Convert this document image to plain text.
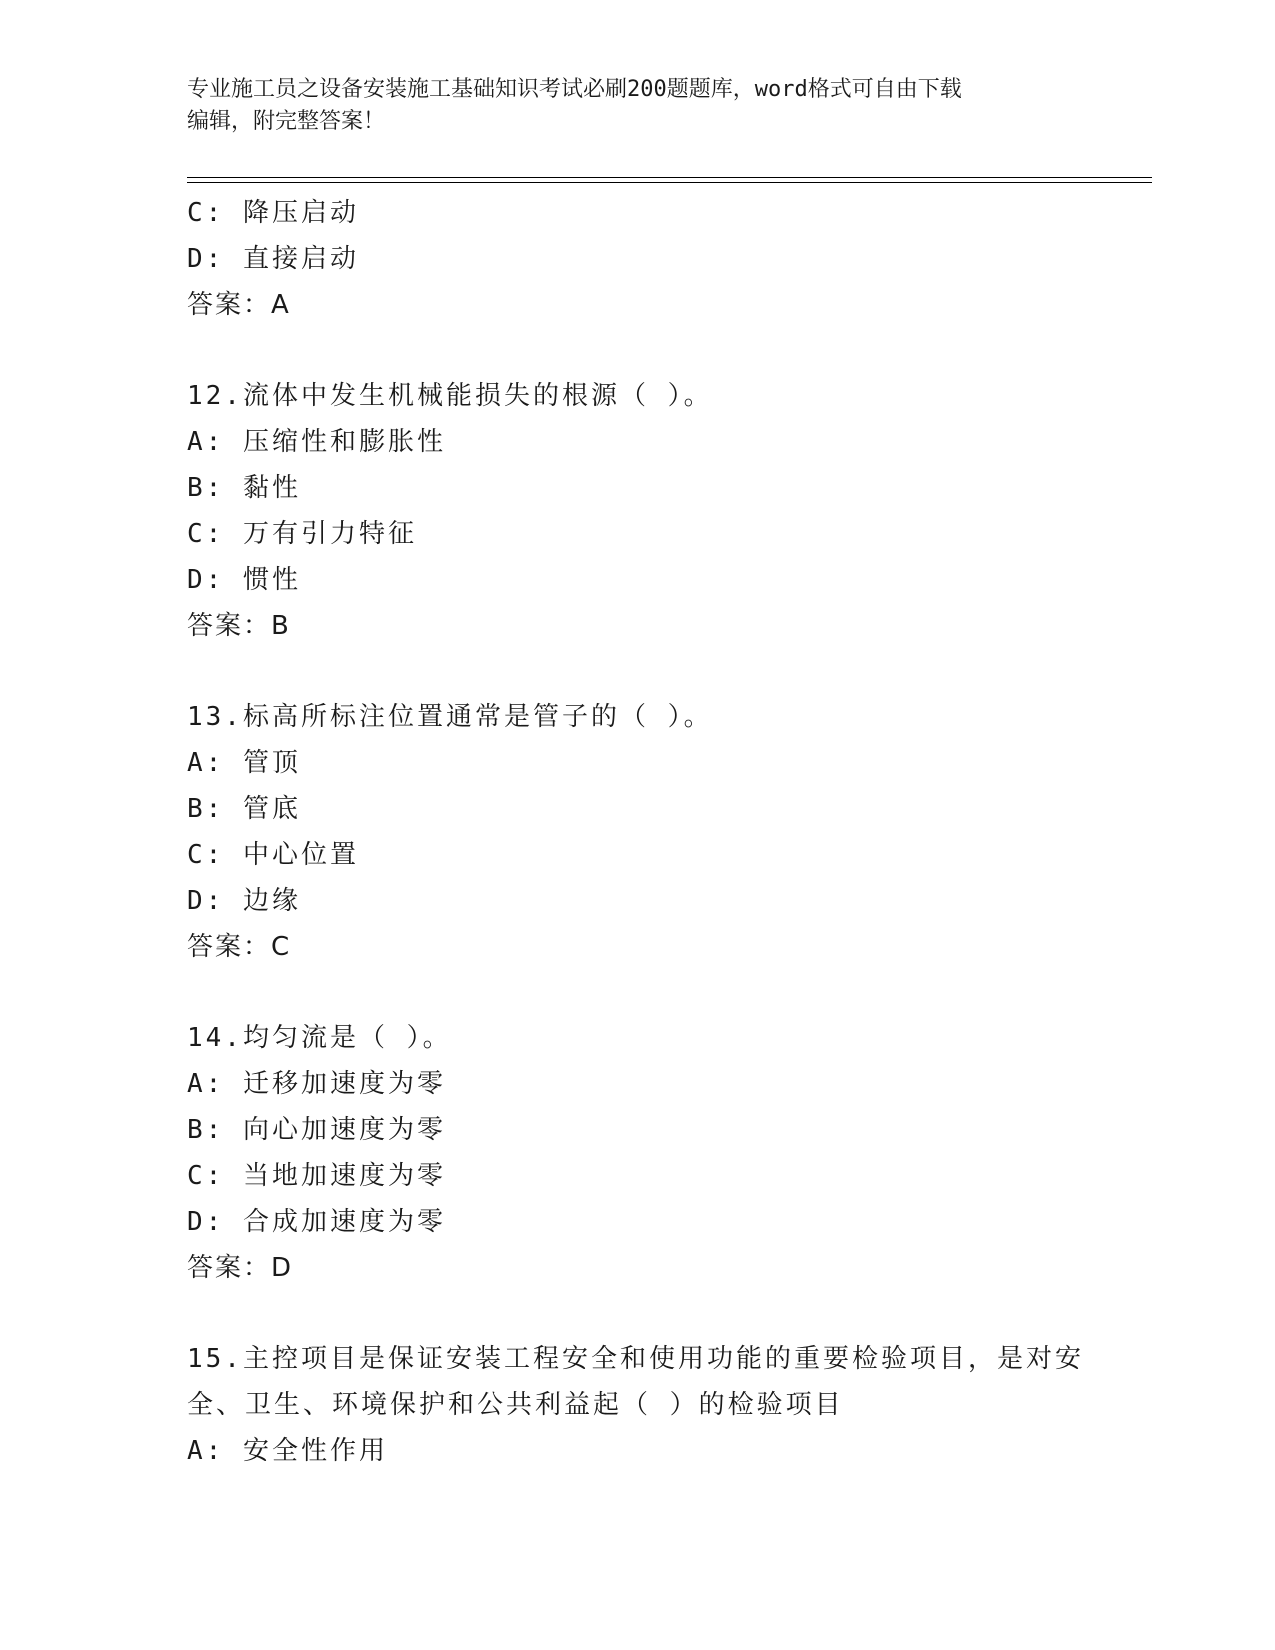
专业施工员之设备安装施工基础知识考试必刷200题题库，word格式可自由下载
编辑，附完整答案！
C: 降压启动
D: 直接启动
答案：A
12.流体中发生机械能损失的根源（ ）。
A: 压缩性和膨胀性
B: 黏性
C: 万有引力特征
D: 惯性
答案：B
13.标高所标注位置通常是管子的（ ）。
A: 管顶
B: 管底
C: 中心位置
D: 边缘
答案：C
14.均匀流是（ ）。
A: 迁移加速度为零
B: 向心加速度为零
C: 当地加速度为零
D: 合成加速度为零
答案：D
15.主控项目是保证安装工程安全和使用功能的重要检验项目，是对安
全、卫生、环境保护和公共利益起（ ）的检验项目
A: 安全性作用
